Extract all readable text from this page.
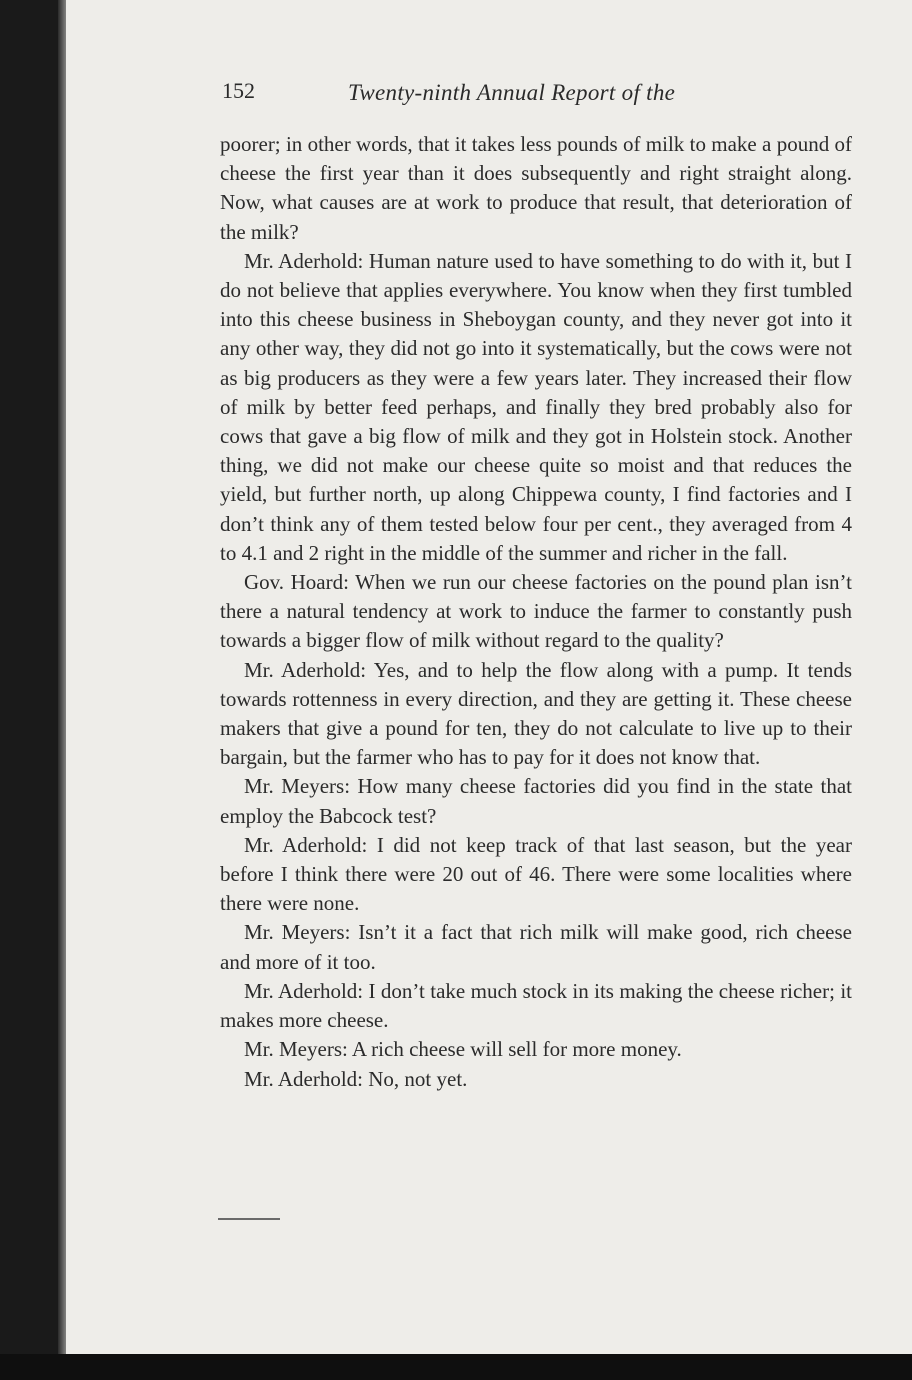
152	Twenty-ninth Annual Report of the

poorer; in other words, that it takes less pounds of milk to make a pound of cheese the first year than it does subsequently and right straight along. Now, what causes are at work to produce that result, that deterioration of the milk?

Mr. Aderhold: Human nature used to have something to do with it, but I do not believe that applies everywhere. You know when they first tumbled into this cheese business in Sheboygan county, and they never got into it any other way, they did not go into it systematically, but the cows were not as big producers as they were a few years later. They increased their flow of milk by better feed perhaps, and finally they bred probably also for cows that gave a big flow of milk and they got in Holstein stock. Another thing, we did not make our cheese quite so moist and that reduces the yield, but further north, up along Chippewa county, I find factories and I don’t think any of them tested below four per cent., they averaged from 4 to 4.1 and 2 right in the middle of the summer and richer in the fall.

Gov. Hoard: When we run our cheese factories on the pound plan isn’t there a natural tendency at work to induce the farmer to constantly push towards a bigger flow of milk without regard to the quality?

Mr. Aderhold: Yes, and to help the flow along with a pump. It tends towards rottenness in every direction, and they are getting it. These cheese makers that give a pound for ten, they do not calculate to live up to their bargain, but the farmer who has to pay for it does not know that.

Mr. Meyers: How many cheese factories did you find in the state that employ the Babcock test?

Mr. Aderhold: I did not keep track of that last season, but the year before I think there were 20 out of 46. There were some localities where there were none.

Mr. Meyers: Isn’t it a fact that rich milk will make good, rich cheese and more of it too.

Mr. Aderhold: I don’t take much stock in its making the cheese richer; it makes more cheese.

Mr. Meyers: A rich cheese will sell for more money.

Mr. Aderhold: No, not yet.
